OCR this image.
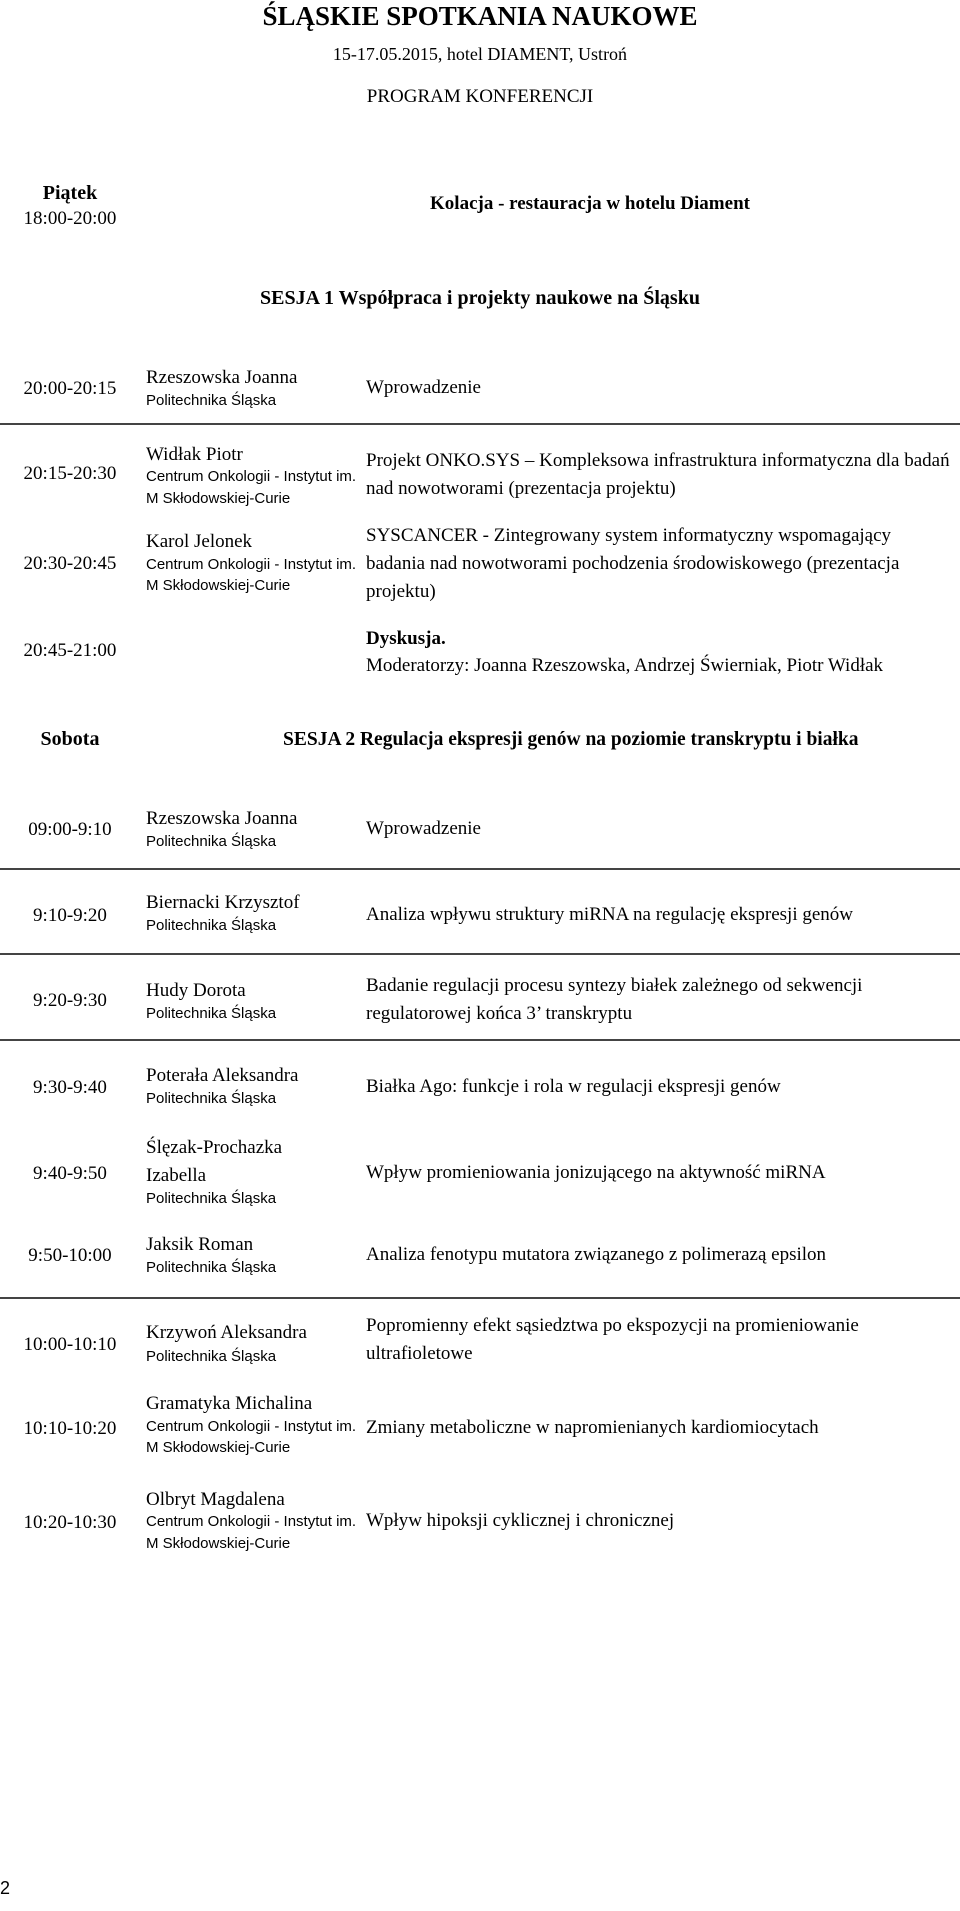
ŚLĄSKIE SPOTKANIA NAUKOWE
15-17.05.2015, hotel DIAMENT, Ustroń
PROGRAM KONFERENCJI
Piątek
18:00-20:00
Kolacja - restauracja w hotelu Diament
SESJA 1 Współpraca i projekty naukowe na Śląsku
20:00-20:15
Rzeszowska Joanna
Politechnika Śląska
Wprowadzenie
20:15-20:30
Widłak Piotr
Centrum Onkologii - Instytut im.
M Skłodowskiej-Curie
Projekt ONKO.SYS – Kompleksowa infrastruktura informatyczna dla badań nad nowotworami (prezentacja projektu)
20:30-20:45
Karol Jelonek
Centrum Onkologii - Instytut im.
M Skłodowskiej-Curie
SYSCANCER - Zintegrowany system informatyczny wspomagający badania nad nowotworami pochodzenia środowiskowego (prezentacja projektu)
20:45-21:00
Dyskusja.
Moderatorzy: Joanna Rzeszowska, Andrzej Świerniak, Piotr Widłak
Sobota	SESJA 2 Regulacja ekspresji genów na poziomie transkryptu i białka
09:00-9:10
Rzeszowska Joanna
Politechnika Śląska
Wprowadzenie
9:10-9:20
Biernacki Krzysztof
Politechnika Śląska
Analiza wpływu struktury miRNA na regulację ekspresji genów
9:20-9:30	Hudy Dorota
Politechnika Śląska
Badanie regulacji procesu syntezy białek zależnego od sekwencji regulatorowej końca 3’ transkryptu
9:30-9:40
Poterała Aleksandra
Politechnika Śląska
Białka Ago: funkcje i rola w regulacji ekspresji genów
9:40-9:50
Ślęzak-Prochazka
Izabella
Politechnika Śląska
Wpływ promieniowania jonizującego na aktywność miRNA
9:50-10:00
Jaksik Roman
Politechnika Śląska
Analiza fenotypu mutatora związanego z polimerazą epsilon
10:00-10:10
Krzywoń Aleksandra
Politechnika Śląska
Popromienny efekt sąsiedztwa po ekspozycji na promieniowanie ultrafioletowe
10:10-10:20
Gramatyka Michalina
Centrum Onkologii - Instytut im.
M Skłodowskiej-Curie
Zmiany metaboliczne w napromienianych kardiomiocytach
10:20-10:30
Olbryt Magdalena
Centrum Onkologii - Instytut im.
M Skłodowskiej-Curie
Wpływ hipoksji cyklicznej i chronicznej
2
